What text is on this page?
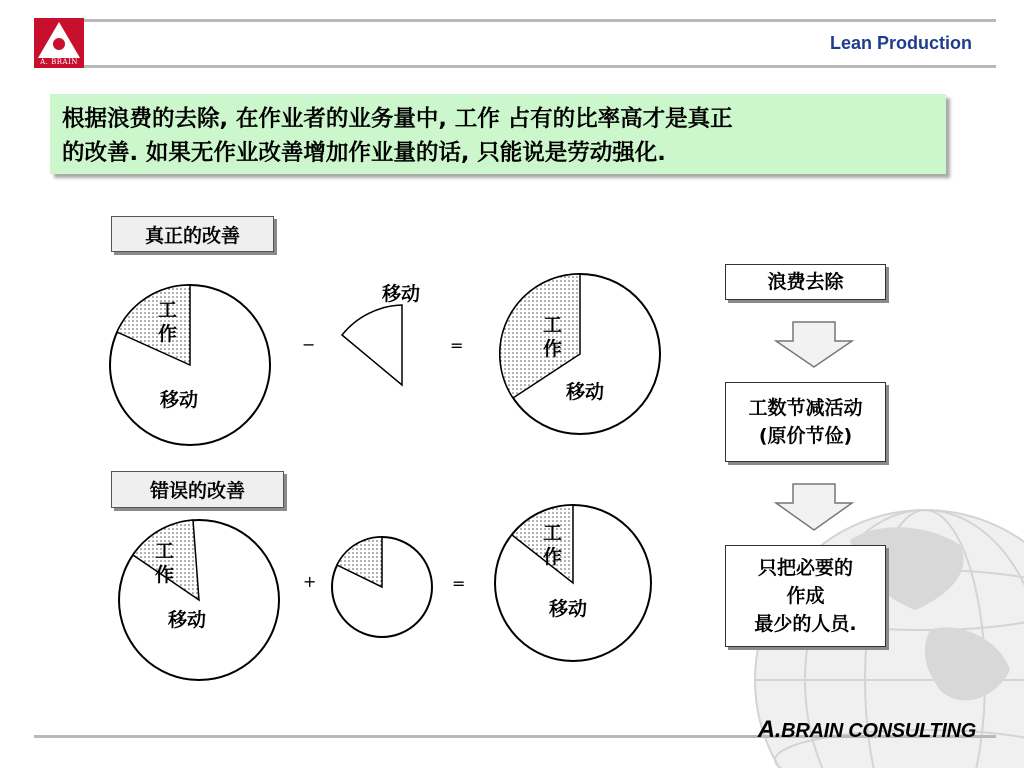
A. BRAIN
Lean Production
根据浪费的去除, 在作业者的业务量中, 工作 占有的比率高才是真正
的改善. 如果无作业改善增加作业量的话, 只能说是劳动强化.
真正的改善
错误的改善
工
作
移动
移动
工
作
移动
工
作
移动
工
作
移动
−	=
+	=
浪费去除
工数节减活动
(原价节俭)
只把必要的
作成
最少的人员.
A.BRAIN CONSULTING
